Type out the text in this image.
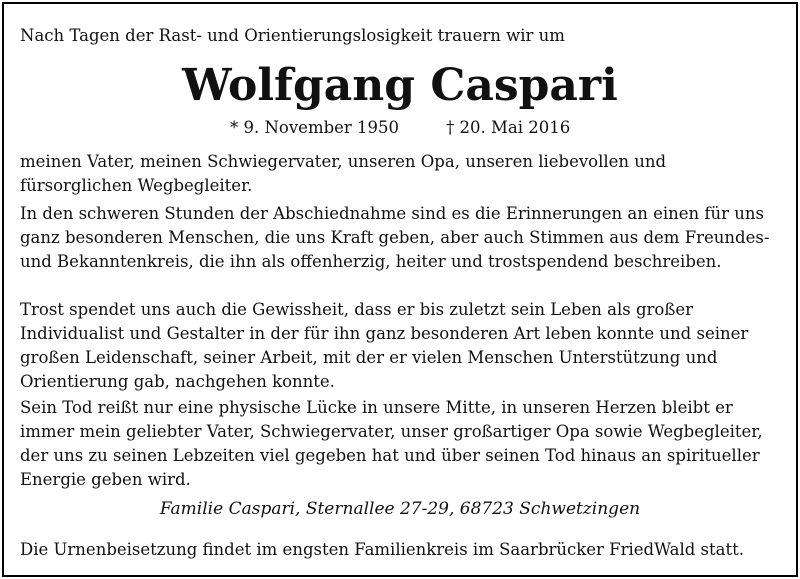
Nach Tagen der Rast- und Orientierungslosigkeit trauern wir um
Wolfgang Caspari
* 9. November 1950	† 20. Mai 2016

meinen Vater, meinen Schwiegervater, unseren Opa, unseren liebevollen und fürsorglichen Wegbegleiter.

In den schweren Stunden der Abschiednahme sind es die Erinnerungen an einen für uns ganz besonderen Menschen, die uns Kraft geben, aber auch Stimmen aus dem Freundes- und Bekanntenkreis, die ihn als offenherzig, heiter und trostspendend beschreiben.

Trost spendet uns auch die Gewissheit, dass er bis zuletzt sein Leben als großer Individualist und Gestalter in der für ihn ganz besonderen Art leben konnte und seiner großen Leidenschaft, seiner Arbeit, mit der er vielen Menschen Unterstützung und Orientierung gab, nachgehen konnte.

Sein Tod reißt nur eine physische Lücke in unsere Mitte, in unseren Herzen bleibt er immer mein geliebter Vater, Schwiegervater, unser großartiger Opa sowie Wegbegleiter, der uns zu seinen Lebzeiten viel gegeben hat und über seinen Tod hinaus an spiritueller Energie geben wird.

Familie Caspari, Sternallee 27-29, 68723 Schwetzingen
Die Urnenbeisetzung findet im engsten Familienkreis im Saarbrücker FriedWald statt.
